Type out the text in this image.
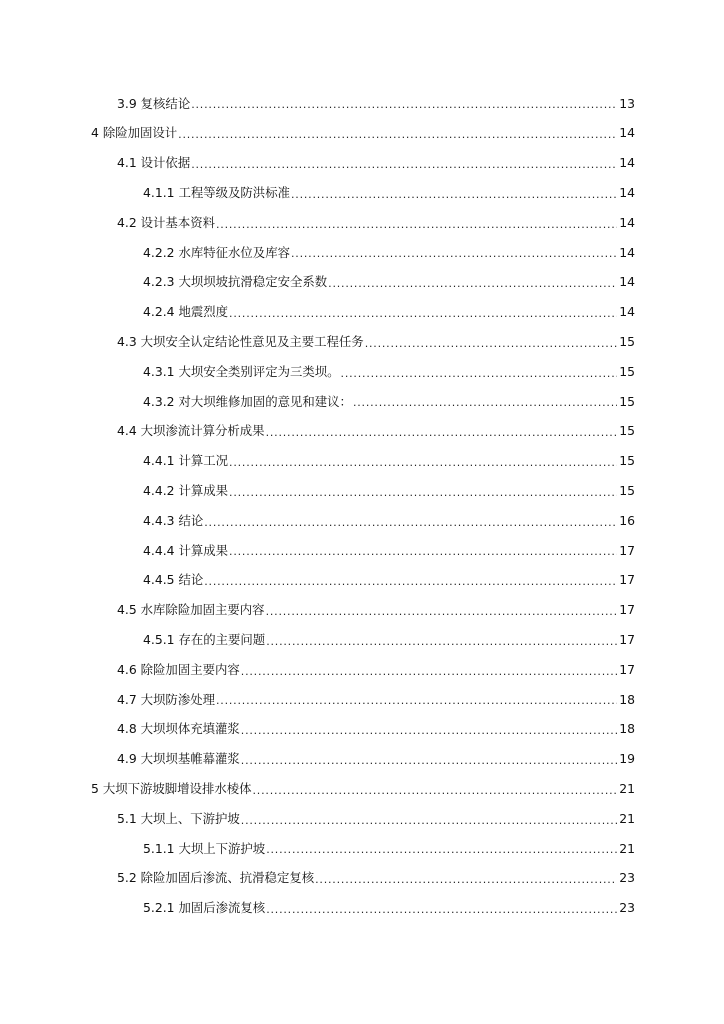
3.9 复核结论 .....	13
4 除险加固设计 .....	14
4.1 设计依据 .....	14
4.1.1 工程等级及防洪标准 .....	14
4.2 设计基本资料 .....	14
4.2.2 水库特征水位及库容 .....	14
4.2.3 大坝坝坡抗滑稳定安全系数 .....	14
4.2.4 地震烈度 .....	14
4.3 大坝安全认定结论性意见及主要工程任务 .....	15
4.3.1 大坝安全类别评定为三类坝。 .....	15
4.3.2 对大坝维修加固的意见和建议： .....	15
4.4 大坝渗流计算分析成果 .....	15
4.4.1 计算工况 .....	15
4.4.2 计算成果 .....	15
4.4.3 结论 .....	16
4.4.4 计算成果 .....	17
4.4.5 结论 .....	17
4.5 水库除险加固主要内容 .....	17
4.5.1 存在的主要问题 .....	17
4.6 除险加固主要内容 .....	17
4.7 大坝防渗处理 .....	18
4.8 大坝坝体充填灌浆 .....	18
4.9 大坝坝基帷幕灌浆 .....	19
5 大坝下游坡脚增设排水棱体 .....	21
5.1 大坝上、下游护坡 .....	21
5.1.1 大坝上下游护坡 .....	21
5.2 除险加固后渗流、抗滑稳定复核 .....	23
5.2.1 加固后渗流复核 .....	23
